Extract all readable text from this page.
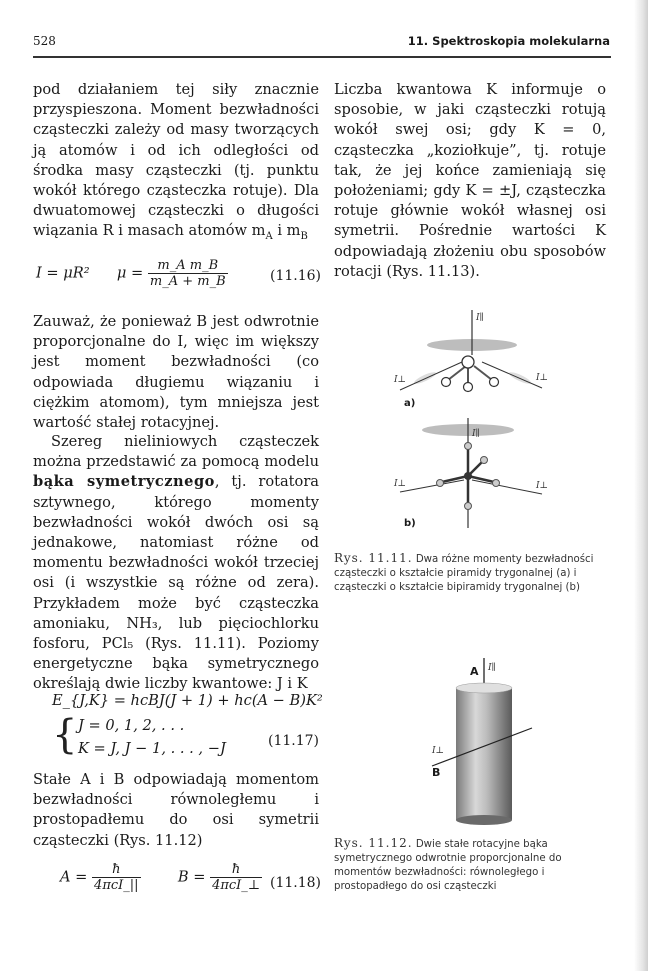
528	11. Spektroskopia molekularna

pod działaniem tej siły znacznie przyspieszona. Moment bezwładności cząsteczki zależy od masy tworzących ją atomów i od ich odległości od środka masy cząsteczki (tj. punktu wokół którego cząsteczka rotuje). Dla dwuatomowej cząsteczki o długości wiązania R i masach atomów $m_A$ i $m_B$

I = μR² $\mu = \frac{\text{m\_A m\_B}}{m\_A + m\_B}$	(11.16)

Zauważ, że ponieważ B jest odwrotnie proporcjonalne do I, więc im większy jest moment bezwładności (co odpowiada długiemu wiązaniu i ciężkim atomom), tym mniejsza jest wartość stałej rotacyjnej.

Szereg nieliniowych cząsteczek można przedstawić za pomocą modelu bąka symetrycznego, tj. rotatora sztywnego, którego momenty bezwładności wokół dwóch osi są jednakowe, natomiast różne od momentu bezwładności wokół trzeciej osi (i wszystkie są różne od zera). Przykładem może być cząsteczka amoniaku, NH₃, lub pięciochlorku fosforu, PCl₅ (Rys. 11.11). Poziomy energetyczne bąka symetrycznego określają dwie liczby kwantowe: J i K

E_{J,K} = hcBJ(J + 1) + hc(A − B)K²
{ J = 0, 1, 2, . . .
K = J, J − 1, . . . , −J	(11.17)

Stałe A i B odpowiadają momentom bezwładności równoległemu i prostopadłemu do osi symetrii cząsteczki (Rys. 11.12)

$A = \frac{ħ}{\text{4πcI\_||}}$	$B = \frac{ħ}{\text{4πcI\_⊥}} (11.18)$

Liczba kwantowa K informuje o sposobie, w jaki cząsteczki rotują wokół swej osi; gdy K = 0, cząsteczka „koziołkuje”, tj. rotuje tak, że jej końce zamieniają się położeniami; gdy K = ±J, cząsteczka rotuje głównie wokół własnej osi symetrii. Pośrednie wartości K odpowiadają złożeniu obu sposobów rotacji (Rys. 11.13).

I∥
I⊥	I⊥
a)
I∥
I⊥	I⊥
b)
Rys. 11.11. Dwa różne momenty bezwładności cząsteczki o kształcie piramidy trygonalnej (a) i cząsteczki o kształcie bipiramidy trygonalnej (b)
I∥
I⊥
A
B
Rys. 11.12. Dwie stałe rotacyjne bąka symetrycznego odwrotnie proporcjonalne do momentów bezwładności: równoległego i prostopadłego do osi cząsteczki
